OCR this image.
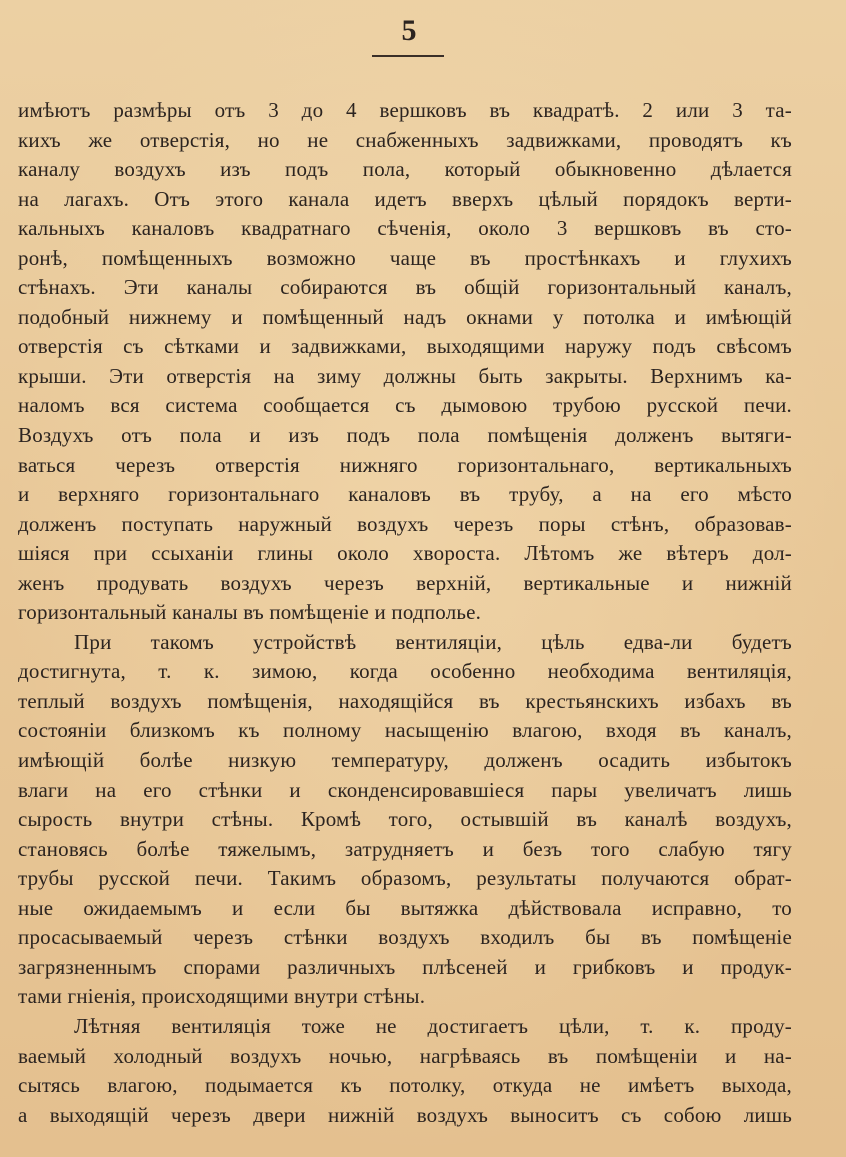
5
имѣютъ размѣры отъ 3 до 4 вершковъ въ квадратѣ. 2 или 3 та-
кихъ же отверстія, но не снабженныхъ задвижками, проводятъ къ
каналу воздухъ изъ подъ пола, который обыкновенно дѣлается
на лагахъ. Отъ этого канала идетъ вверхъ цѣлый порядокъ верти-
кальныхъ каналовъ квадратнаго сѣченія, около 3 вершковъ въ сто-
ронѣ, помѣщенныхъ возможно чаще въ простѣнкахъ и глухихъ
стѣнахъ. Эти каналы собираются въ общій горизонтальный каналъ,
подобный нижнему и помѣщенный надъ окнами у потолка и имѣющій
отверстія съ сѣтками и задвижками, выходящими наружу подъ свѣсомъ
крыши. Эти отверстія на зиму должны быть закрыты. Верхнимъ ка-
наломъ вся система сообщается съ дымовою трубою русской печи.
Воздухъ отъ пола и изъ подъ пола помѣщенія долженъ вытяги-
ваться черезъ отверстія нижняго горизонтальнаго, вертикальныхъ
и верхняго горизонтальнаго каналовъ въ трубу, а на его мѣсто
долженъ поступать наружный воздухъ черезъ поры стѣнъ, образовав-
шіяся при ссыханіи глины около хвороста. Лѣтомъ же вѣтеръ дол-
женъ продувать воздухъ черезъ верхній, вертикальные и нижній
горизонтальный каналы въ помѣщеніе и подполье.
При такомъ устройствѣ вентиляціи, цѣль едва-ли будетъ
достигнута, т. к. зимою, когда особенно необходима вентиляція,
теплый воздухъ помѣщенія, находящійся въ крестьянскихъ избахъ въ
состояніи близкомъ къ полному насыщенію влагою, входя въ каналъ,
имѣющій болѣе низкую температуру, долженъ осадить избытокъ
влаги на его стѣнки и сконденсировавшіеся пары увеличатъ лишь
сырость внутри стѣны. Кромѣ того, остывшій въ каналѣ воздухъ,
становясь болѣе тяжелымъ, затрудняетъ и безъ того слабую тягу
трубы русской печи. Такимъ образомъ, результаты получаются обрат-
ные ожидаемымъ и если бы вытяжка дѣйствовала исправно, то
просасываемый черезъ стѣнки воздухъ входилъ бы въ помѣщеніе
загрязненнымъ спорами различныхъ плѣсеней и грибковъ и продук-
тами гніенія, происходящими внутри стѣны.
Лѣтняя вентиляція тоже не достигаетъ цѣли, т. к. проду-
ваемый холодный воздухъ ночью, нагрѣваясь въ помѣщеніи и на-
сытясь влагою, подымается къ потолку, откуда не имѣетъ выхода,
а выходящій черезъ двери нижній воздухъ выноситъ съ собою лишь
